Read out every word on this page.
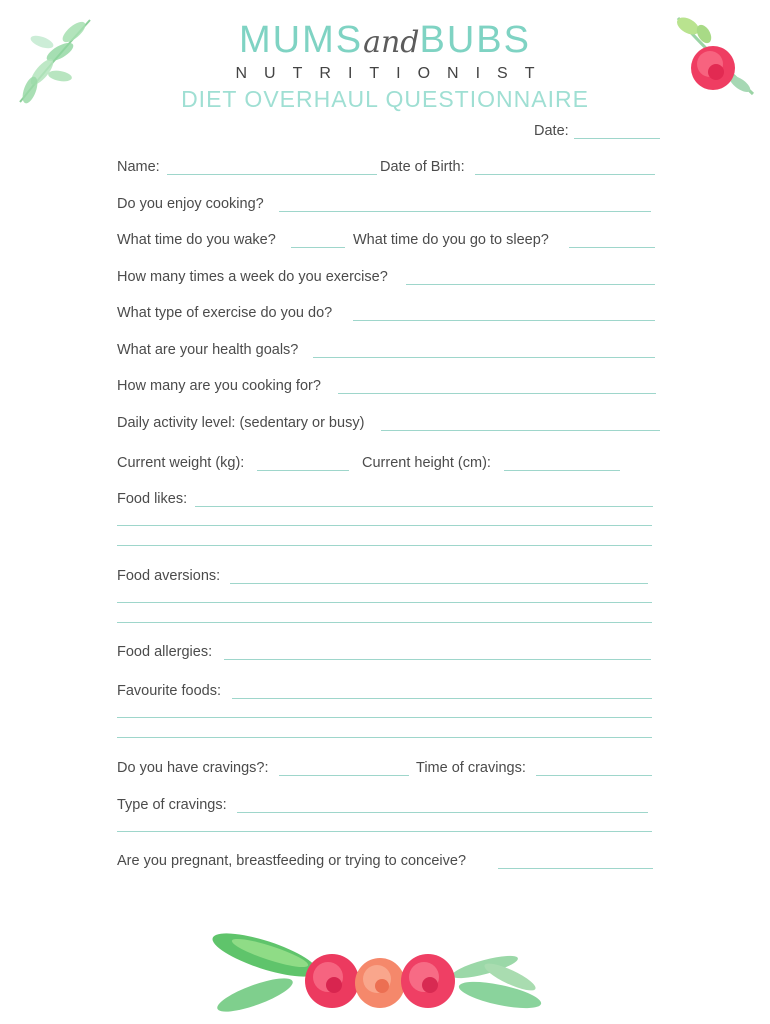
MUMSandBUBS
NUTRITIONIST
DIET OVERHAUL QUESTIONNAIRE
Date:
Name:	Date of Birth:
Do you enjoy cooking?
What time do you wake?	What time do you go to sleep?
How many times a week do you exercise?
What type of exercise do you do?
What are your health goals?
How many are you cooking for?
Daily activity level: (sedentary or busy)
Current weight (kg):	Current height (cm):
Food likes:
Food aversions:
Food allergies:
Favourite foods:
Do you have cravings?:	Time of cravings:
Type of cravings:
Are you pregnant, breastfeeding or trying to conceive?
